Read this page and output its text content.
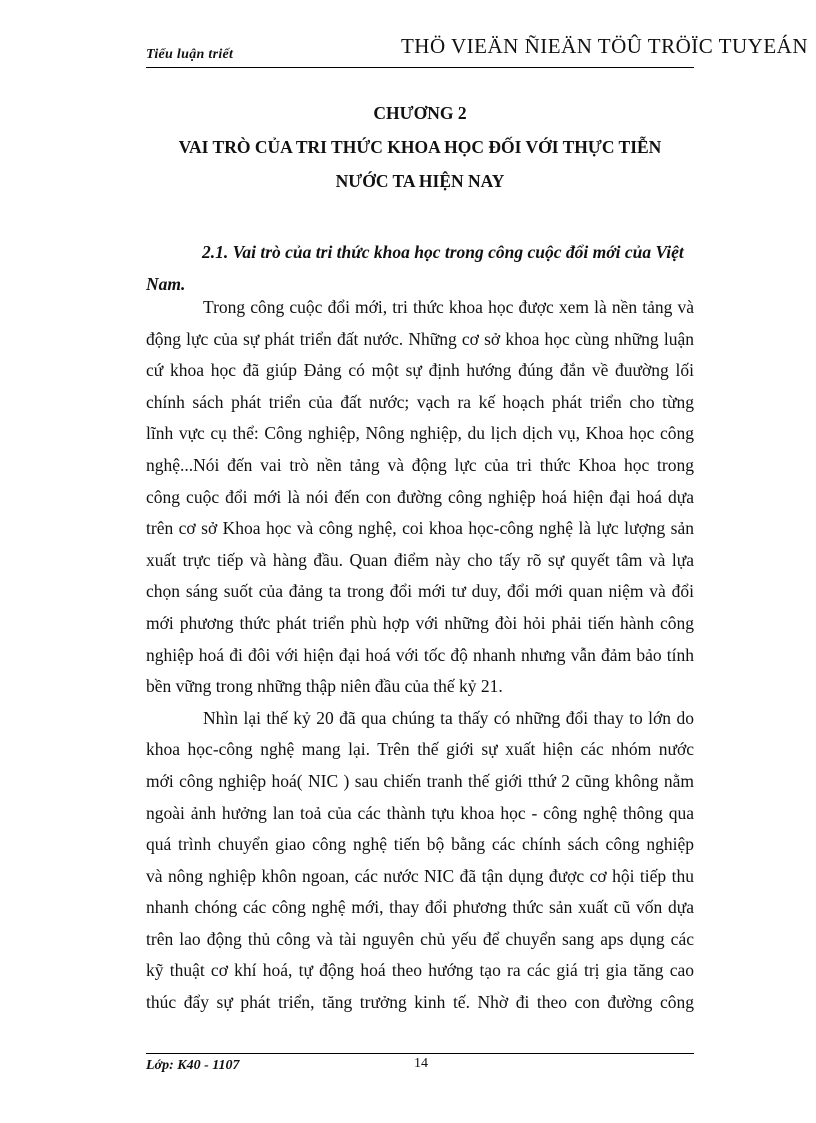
Tiểu luận triết	THÖ VIEÄN ÑIEÄN TÖÛ TRÖÏC TUYEÁN
CHƯƠNG 2
VAI TRÒ CỦA TRI THỨC KHOA HỌC ĐỐI VỚI THỰC TIỄN
NƯỚC TA HIỆN NAY
2.1. Vai trò của tri thức khoa học trong công cuộc đổi mới của Việt
Nam.
Trong công cuộc đổi mới, tri thức khoa học được xem là nền tảng và
động lực của sự phát triển đất nước. Những cơ sở khoa học cùng những luận
cứ khoa học đã giúp Đảng có một sự định hướng đúng đắn về đuường lối
chính sách phát triển của đất nước; vạch ra kế hoạch phát triển cho từng
lĩnh vực cụ thể: Công nghiệp, Nông nghiệp, du lịch dịch vụ, Khoa học công
nghệ...Nói đến vai trò nền tảng và động lực của tri thức Khoa học trong
công cuộc đổi mới là nói đến con đường công nghiệp hoá hiện đại hoá dựa
trên cơ sở Khoa học và công nghệ, coi khoa học-công nghệ là lực lượng sản
xuất trực tiếp và hàng đầu. Quan điểm này cho tấy rõ sự quyết tâm và lựa
chọn sáng suốt của đảng ta trong đổi mới tư duy, đổi mới quan niệm và đổi
mới phương thức phát triển phù hợp với những đòi hỏi phải tiến hành công
nghiệp hoá đi đôi với hiện đại hoá với tốc độ nhanh nhưng vẫn đảm bảo tính
bền vững trong những thập niên đầu của thế kỷ 21.
Nhìn lại thế kỷ 20 đã qua chúng ta thấy có những đổi thay to lớn do
khoa học-công nghệ mang lại. Trên thế giới sự xuất hiện các nhóm nước
mới công nghiệp hoá( NIC ) sau chiến tranh thế giới tthứ 2 cũng không nằm
ngoài ảnh hưởng lan toả của các thành tựu khoa học - công nghệ thông qua
quá trình chuyển giao công nghệ tiến bộ bằng các chính sách công nghiệp
và nông nghiệp khôn ngoan, các nước NIC đã tận dụng được cơ hội tiếp thu
nhanh chóng các công nghệ mới, thay đổi phương thức sản xuất cũ vốn dựa
trên lao động thủ công và tài nguyên chủ yếu để chuyển sang aps dụng các
kỹ thuật cơ khí hoá, tự động hoá theo hướng tạo ra các giá trị gia tăng cao
thúc đẩy sự phát triển, tăng trưởng kinh tế. Nhờ đi theo con đường công
Lớp: K40 - 1107	14
